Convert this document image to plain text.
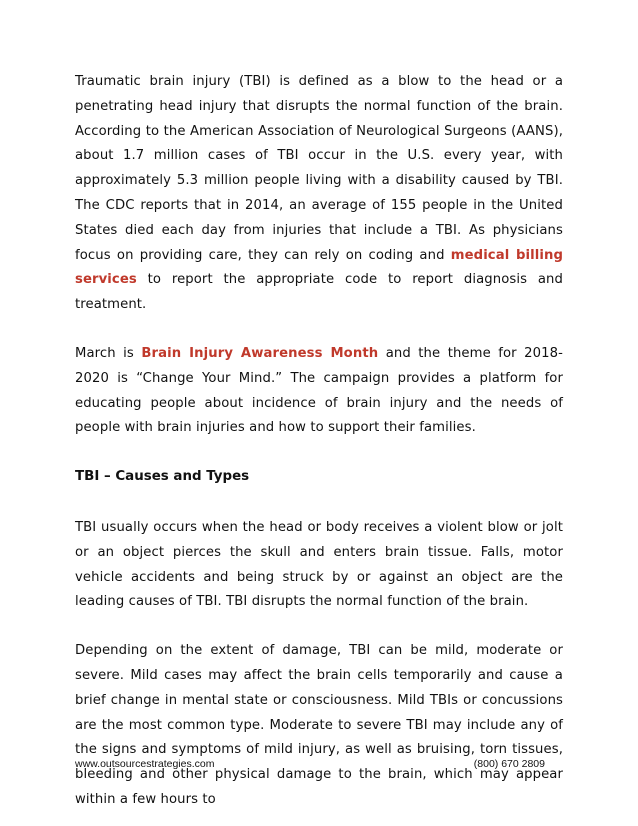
Traumatic brain injury (TBI) is defined as a blow to the head or a penetrating head injury that disrupts the normal function of the brain. According to the American Association of Neurological Surgeons (AANS), about 1.7 million cases of TBI occur in the U.S. every year, with approximately 5.3 million people living with a disability caused by TBI. The CDC reports that in 2014, an average of 155 people in the United States died each day from injuries that include a TBI. As physicians focus on providing care, they can rely on coding and medical billing services to report the appropriate code to report diagnosis and treatment.

March is Brain Injury Awareness Month and the theme for 2018-2020 is “Change Your Mind.” The campaign provides a platform for educating people about incidence of brain injury and the needs of people with brain injuries and how to support their families.

TBI – Causes and Types

TBI usually occurs when the head or body receives a violent blow or jolt or an object pierces the skull and enters brain tissue. Falls, motor vehicle accidents and being struck by or against an object are the leading causes of TBI. TBI disrupts the normal function of the brain.

Depending on the extent of damage, TBI can be mild, moderate or severe. Mild cases may affect the brain cells temporarily and cause a brief change in mental state or consciousness. Mild TBIs or concussions are the most common type. Moderate to severe TBI may include any of the signs and symptoms of mild injury, as well as bruising, torn tissues, bleeding and other physical damage to the brain, which may appear within a few hours to

www.outsourcestrategies.com	(800) 670 2809
